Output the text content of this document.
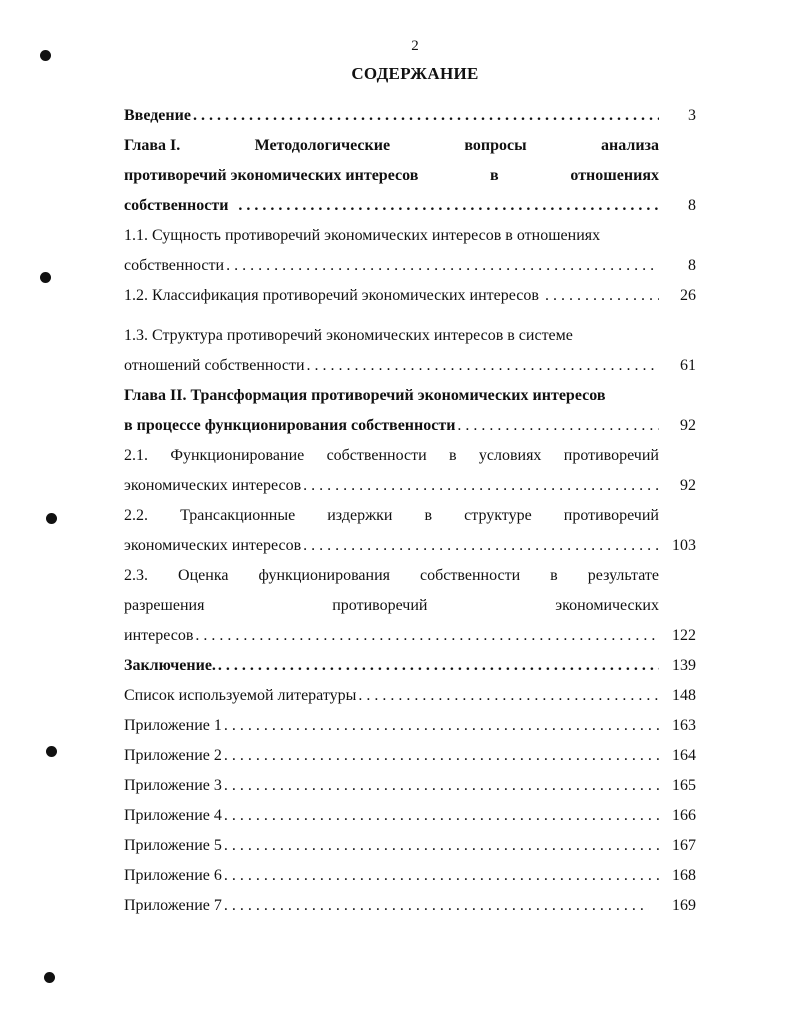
2
СОДЕРЖАНИЕ
Введение . . .	3
Глава I.	Методологические	вопросы	анализа
противоречий экономических интересов	в	отношениях
собственности . . .	8
1.1. Сущность противоречий экономических интересов в отношениях
собственности . . .	8
1.2. Классификация противоречий экономических интересов . . .	26
1.3. Структура противоречий экономических интересов в системе
отношений собственности . . .	61
Глава II. Трансформация противоречий экономических интересов
в процессе функционирования собственности . . .	92
2.1. Функционирование собственности в условиях противоречий
экономических интересов . . .	92
2.2. Трансакционные издержки в структуре противоречий
экономических интересов . . .	103
2.3. Оценка функционирования собственности в результате
разрешения	противоречий	экономических
интересов . . .	122
Заключение. . . .	139
Список используемой литературы . . .	148
Приложение 1 . . .	163
Приложение 2 . . .	164
Приложение 3 . . .	165
Приложение 4 . . .	166
Приложение 5 . . .	167
Приложение 6 . . .	168
Приложение 7 . . .	169
